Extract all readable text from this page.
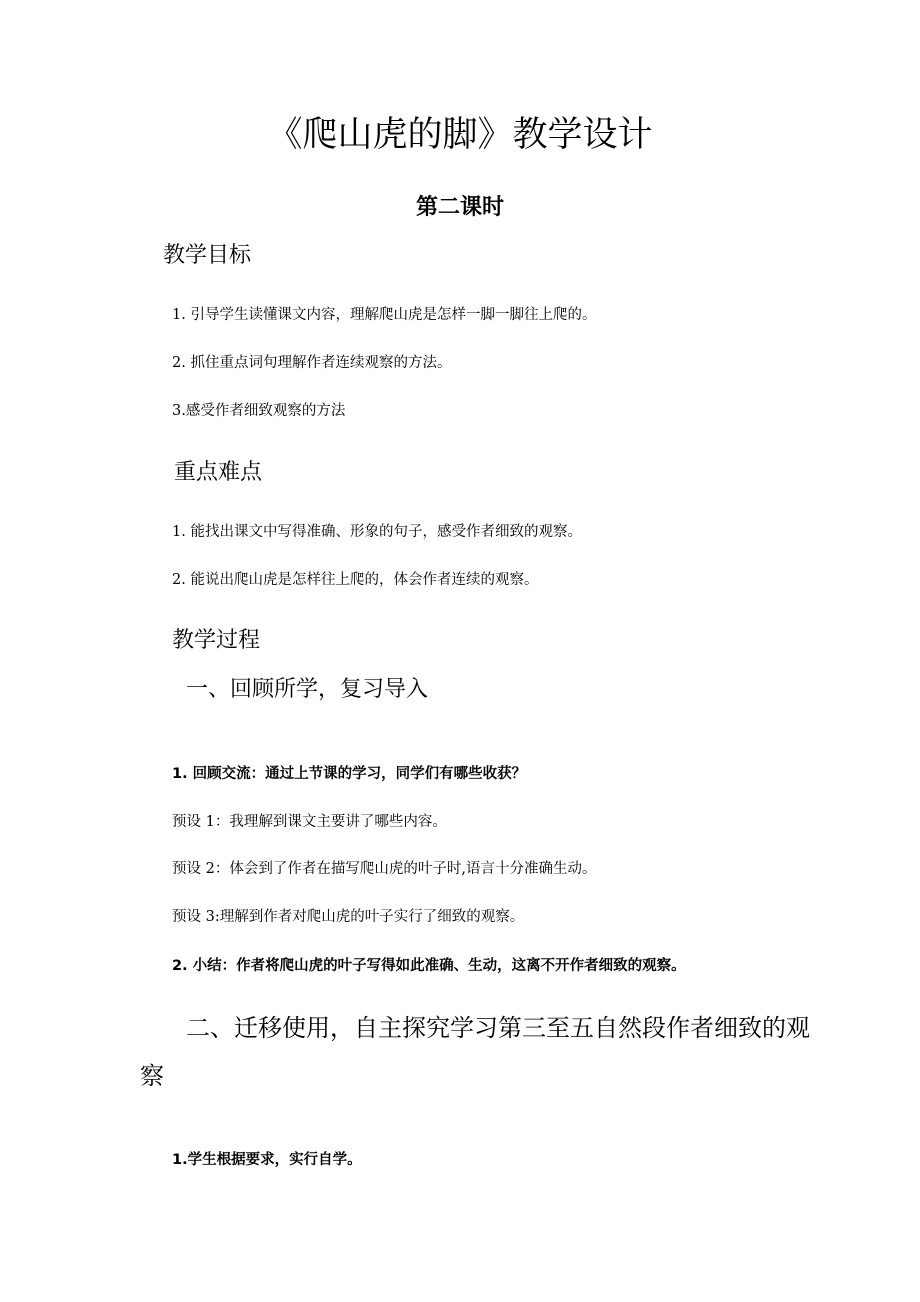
《爬山虎的脚》教学设计
第二课时
教学目标

1. 引导学生读懂课文内容，理解爬山虎是怎样一脚一脚往上爬的。

2. 抓住重点词句理解作者连续观察的方法。

3.感受作者细致观察的方法

重点难点

1. 能找出课文中写得准确、形象的句子，感受作者细致的观察。

2. 能说出爬山虎是怎样往上爬的，体会作者连续的观察。

教学过程
一、回顾所学，复习导入

1. 回顾交流：通过上节课的学习，同学们有哪些收获？

预设 1：我理解到课文主要讲了哪些内容。

预设 2：体会到了作者在描写爬山虎的叶子时,语言十分准确生动。

预设 3:理解到作者对爬山虎的叶子实行了细致的观察。

2. 小结：作者将爬山虎的叶子写得如此准确、生动，这离不开作者细致的观察。

二、迁移使用，自主探究学习第三至五自然段作者细致的观
察

1.学生根据要求，实行自学。
